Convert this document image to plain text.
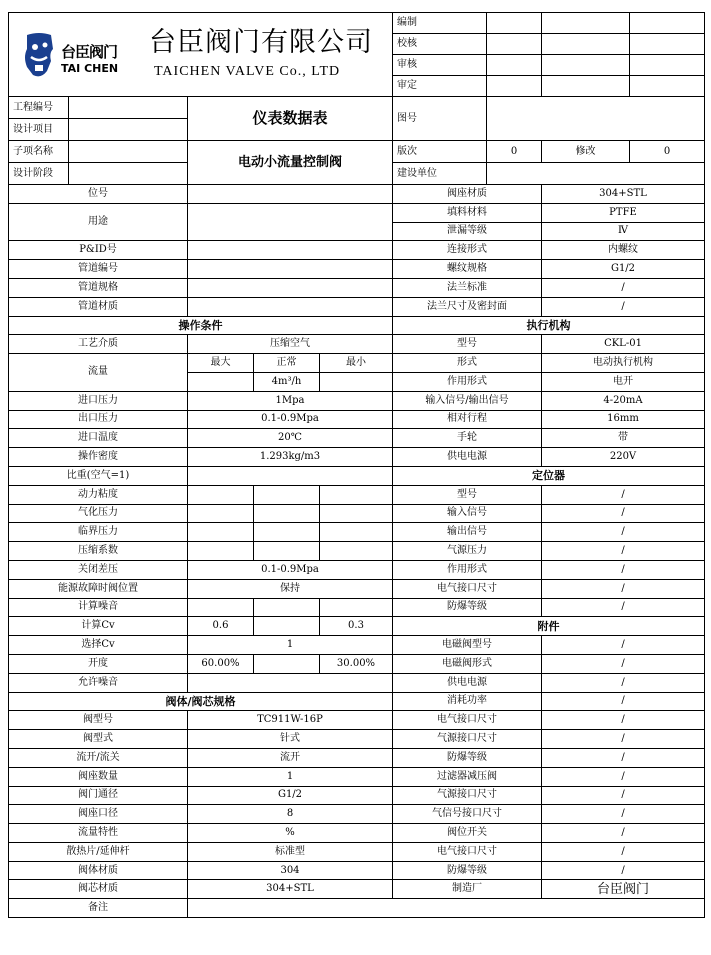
台臣阀门
TAI CHEN
台臣阀门有限公司
TAICHEN VALVE Co., LTD					编制			
					校核			
					审核			
					审定			
工程编号		仪表数据表			图号			
设计项目								
子项名称		电动小流量控制阀			版次	0	修改	0
设计阶段					建设单位			
位号					阀座材质		304+STL	
用途					填料材料		PTFE	
					泄漏等级		Ⅳ	
P&ID号					连接形式		内螺纹	
管道编号					螺纹规格		G1/2	
管道规格					法兰标准		/	
管道材质					法兰尺寸及密封面		/	
操作条件					执行机构			
工艺介质		压缩空气			型号		CKL-01	
流量		最大	正常	最小	形式		电动执行机构	
			4m³/h		作用形式		电开	
进口压力		1Mpa			输入信号/输出信号		4-20mA	
出口压力		0.1-0.9Mpa			相对行程		16mm	
进口温度		20℃			手轮		带	
操作密度		1.293kg/m3			供电电源		220V	
比重(空气=1)					定位器			
动力粘度					型号		/	
气化压力					输入信号		/	
临界压力					输出信号		/	
压缩系数					气源压力		/	
关闭差压		0.1-0.9Mpa			作用形式		/	
能源故障时阀位置		保持			电气接口尺寸		/	
计算噪音					防爆等级		/	
计算Cv		0.6		0.3	附件			
选择Cv		1			电磁阀型号		/	
开度		60.00%		30.00%	电磁阀形式		/	
允许噪音					供电电源		/	
阀体/阀芯规格					消耗功率		/	
阀型号		TC911W-16P			电气接口尺寸		/	
阀型式		针式			气源接口尺寸		/	
流开/流关		流开			防爆等级		/	
阀座数量		1			过滤器减压阀		/	
阀门通径		G1/2			气源接口尺寸		/	
阀座口径		8			气信号接口尺寸		/	
流量特性		%			阀位开关		/	
散热片/延伸杆		标准型			电气接口尺寸		/	
阀体材质		304			防爆等级		/	
阀芯材质		304+STL			制造厂		台臣阀门	
备注								
